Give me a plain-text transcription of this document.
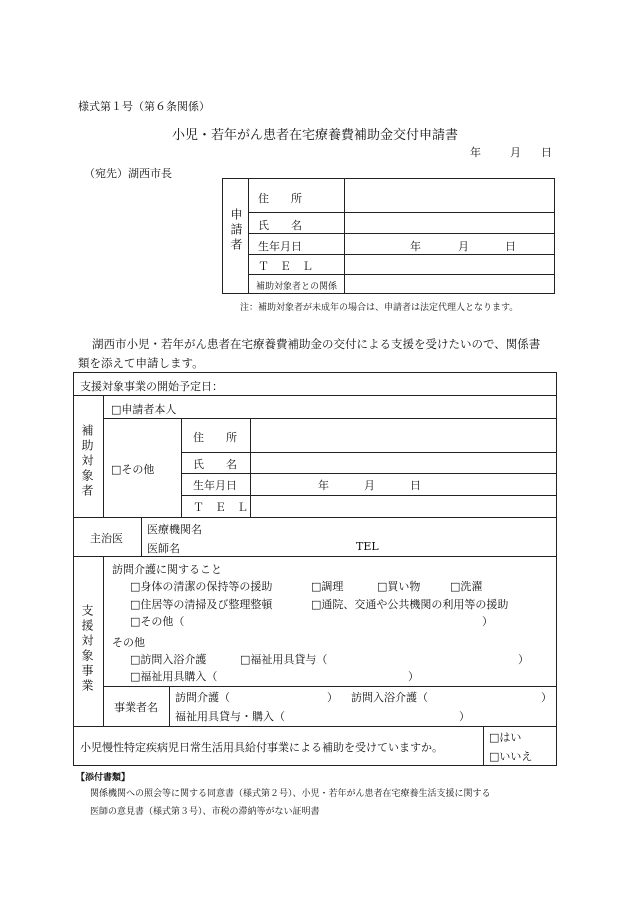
様式第１号（第６条関係）
小児・若年がん患者在宅療養費補助金交付申請書
年	月 日
（宛先）湖西市長
申請者
住　　所
氏　　名
生年月日	年	月	日
Ｔ　Ｅ　Ｌ
補助対象者との関係
注：補助対象者が未成年の場合は、申請者は法定代理人となります。
湖西市小児・若年がん患者在宅療養費補助金の交付による支援を受けたいので、関係書
類を添えて申請します。
支援対象事業の開始予定日：
補助対象者
□申請者本人
□その他
住　　所
氏　　名
生年月日	年	月	日
Ｔ　Ｅ　Ｌ
主治医
医療機関名
医師名	TEL
支援対象事業
訪問介護に関すること
□身体の清潔の保持等の援助	□調理	□買い物	□洗濯
□住居等の清掃及び整理整頓	□通院、交通や公共機関の利用等の援助
□その他（	）
その他
□訪問入浴介護	□福祉用具貸与（	）
□福祉用具購入（	）
事業者名
訪問介護（	） 訪問入浴介護（	）
福祉用具貸与・購入（	）
小児慢性特定疾病児日常生活用具給付事業による補助を受けていますか。
□はい
□いいえ
【添付書類】
関係機関への照会等に関する同意書（様式第２号）、小児・若年がん患者在宅療養生活支援に関する
医師の意見書（様式第３号）、市税の滞納等がない証明書
